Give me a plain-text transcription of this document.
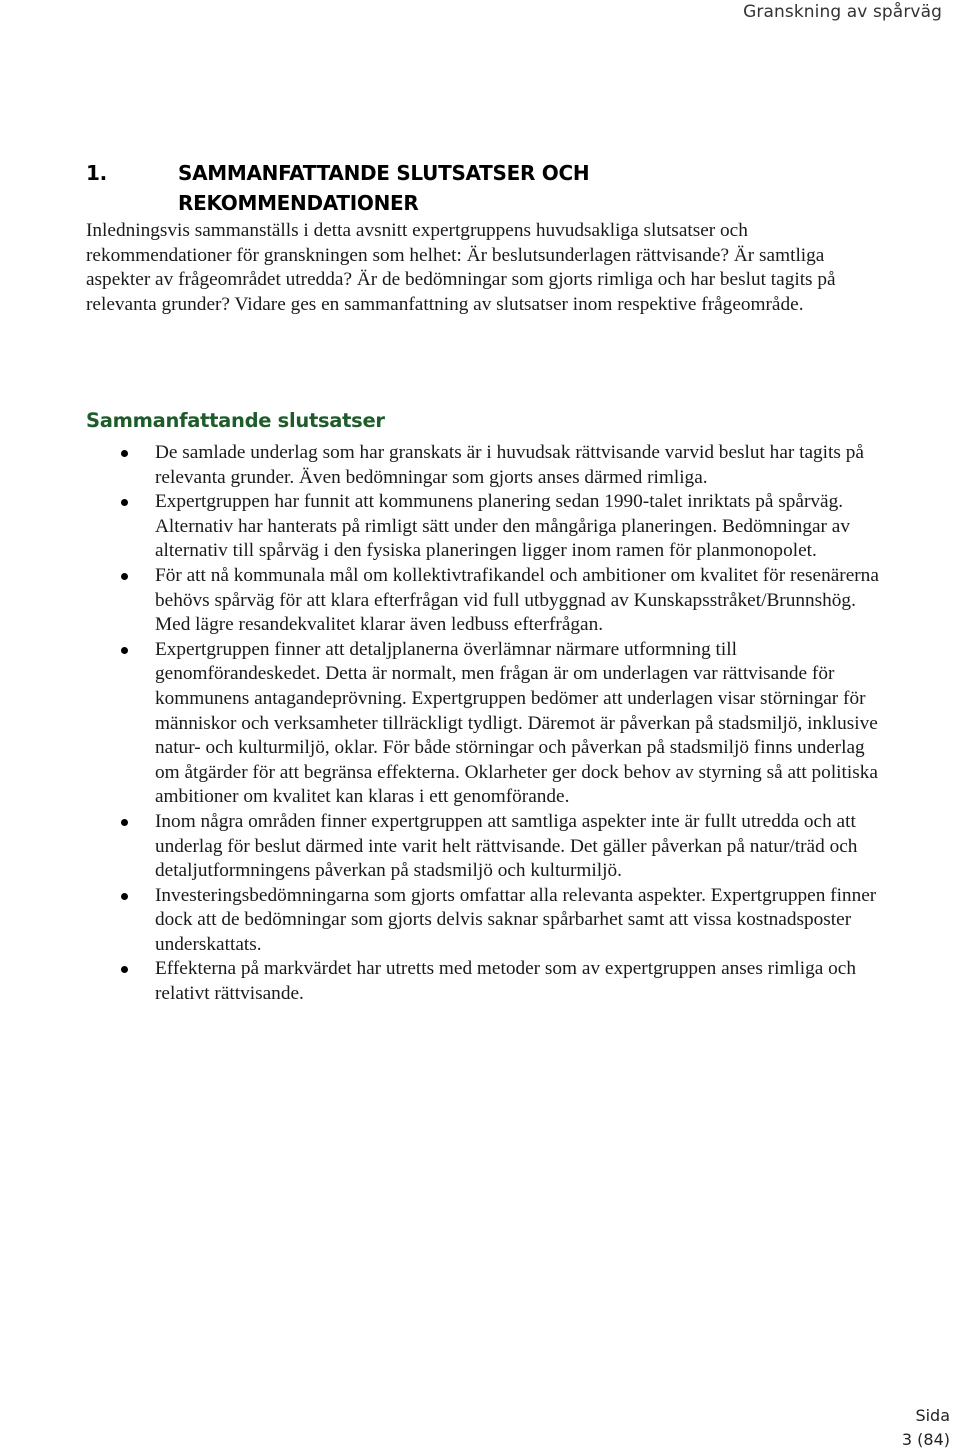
Granskning av spårväg
1.	SAMMANFATTANDE SLUTSATSER OCH
REKOMMENDATIONER
Inledningsvis sammanställs i detta avsnitt expertgruppens huvudsakliga slutsatser och rekommendationer för granskningen som helhet: Är beslutsunderlagen rättvisande? Är samtliga aspekter av frågeområdet utredda? Är de bedömningar som gjorts rimliga och har beslut tagits på relevanta grunder? Vidare ges en sammanfattning av slutsatser inom respektive frågeområde.
Sammanfattande slutsatser
De samlade underlag som har granskats är i huvudsak rättvisande varvid beslut har tagits på relevanta grunder. Även bedömningar som gjorts anses därmed rimliga.
Expertgruppen har funnit att kommunens planering sedan 1990-talet inriktats på spårväg. Alternativ har hanterats på rimligt sätt under den mångåriga planeringen. Bedömningar av alternativ till spårväg i den fysiska planeringen ligger inom ramen för planmonopolet.
För att nå kommunala mål om kollektivtrafikandel och ambitioner om kvalitet för resenärerna behövs spårväg för att klara efterfrågan vid full utbyggnad av Kunskapsstråket/Brunnshög. Med lägre resandekvalitet klarar även ledbuss efterfrågan.
Expertgruppen finner att detaljplanerna överlämnar närmare utformning till genomförandeskedet. Detta är normalt, men frågan är om underlagen var rättvisande för kommunens antagandeprövning. Expertgruppen bedömer att underlagen visar störningar för människor och verksamheter tillräckligt tydligt. Däremot är påverkan på stadsmiljö, inklusive natur- och kulturmiljö, oklar. För både störningar och påverkan på stadsmiljö finns underlag om åtgärder för att begränsa effekterna. Oklarheter ger dock behov av styrning så att politiska ambitioner om kvalitet kan klaras i ett genomförande.
Inom några områden finner expertgruppen att samtliga aspekter inte är fullt utredda och att underlag för beslut därmed inte varit helt rättvisande. Det gäller påverkan på natur/träd och detaljutformningens påverkan på stadsmiljö och kulturmiljö.
Investeringsbedömningarna som gjorts omfattar alla relevanta aspekter. Expertgruppen finner dock att de bedömningar som gjorts delvis saknar spårbarhet samt att vissa kostnadsposter underskattats.
Effekterna på markvärdet har utretts med metoder som av expertgruppen anses rimliga och relativt rättvisande.
Sida
3 (84)
